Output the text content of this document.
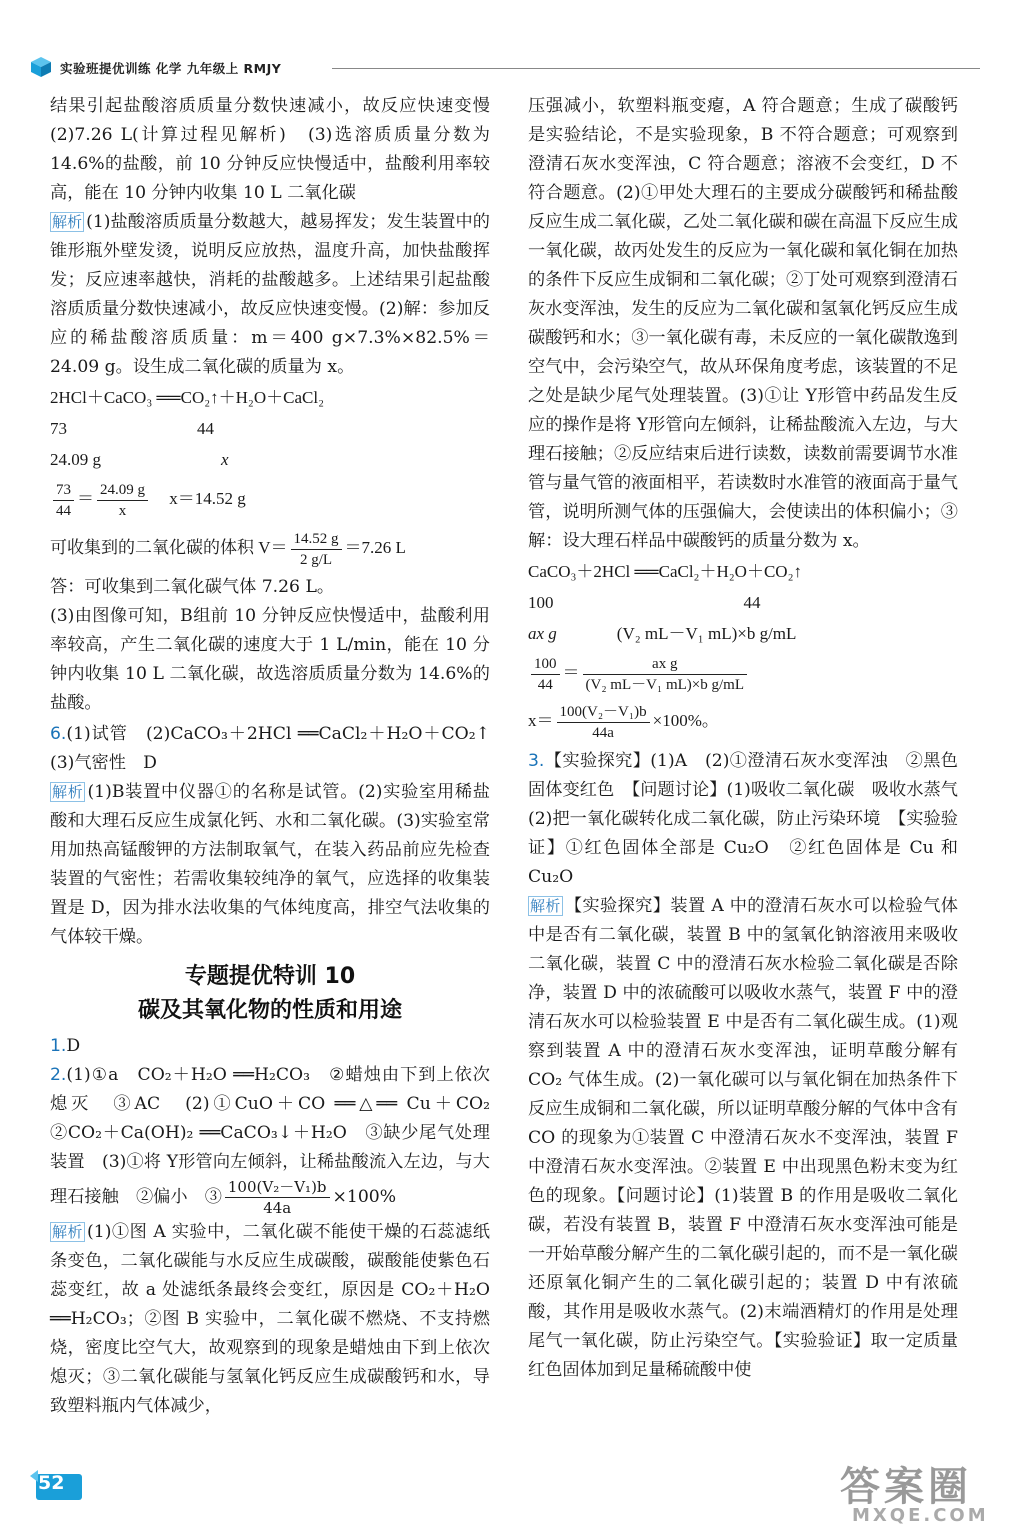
实验班提优训练 化学 九年级上 RMJY

结果引起盐酸溶质质量分数快速减小，故反应快速变慢　(2)7.26 L(计算过程见解析)　(3)选溶质质量分数为 14.6%的盐酸，前 10 分钟反应快慢适中，盐酸利用率较高，能在 10 分钟内收集 10 L 二氧化碳

解析 (1)盐酸溶质质量分数越大，越易挥发；发生装置中的锥形瓶外壁发烫，说明反应放热，温度升高，加快盐酸挥发；反应速率越快，消耗的盐酸越多。上述结果引起盐酸溶质质量分数快速减小，故反应快速变慢。(2)解：参加反应的稀盐酸溶质质量：m＝400 g×7.3%×82.5%＝24.09 g。设生成二氧化碳的质量为 x。

2HCl＋CaCO₃ ══CO₂↑＋H₂O＋CaCl₂

73	44

24.09 g	x

$\frac{73}{44} = \frac{24.09 g}{x} x=14.52$ g

可收集到的二氧化碳的体积 $V= \frac{14.52 g}{2 g/L} =7.26$ L

答：可收集到二氧化碳气体 7.26 L。

(3)由图像可知，B组前 10 分钟反应快慢适中，盐酸利用率较高，产生二氧化碳的速度大于 1 L/min，能在 10 分钟内收集 10 L 二氧化碳，故选溶质质量分数为 14.6%的盐酸。

6.(1)试管　(2)CaCO₃＋2HCl ══CaCl₂＋H₂O＋CO₂↑　(3)气密性　D

解析 (1)B装置中仪器①的名称是试管。(2)实验室用稀盐酸和大理石反应生成氯化钙、水和二氧化碳。(3)实验室常用加热高锰酸钾的方法制取氧气，在装入药品前应先检查装置的气密性；若需收集较纯净的氧气，应选择的收集装置是 D，因为排水法收集的气体纯度高，排空气法收集的气体较干燥。

专题提优特训 10
碳及其氧化物的性质和用途

1.D

2.(1)①a　CO₂＋H₂O ══H₂CO₃　②蜡烛由下到上依次熄灭　③AC　(2)①CuO＋CO ══△══ Cu＋CO₂　②CO₂＋Ca(OH)₂ ══CaCO₃↓＋H₂O　③缺少尾气处理装置　(3)①将 Y形管向左倾斜，让稀盐酸流入左边，与大理石接触　②偏小　③ $\frac{\text{100(V₂－V₁)b}}{44a} \times 100\%$

解析 (1)①图 A 实验中，二氧化碳不能使干燥的石蕊滤纸条变色，二氧化碳能与水反应生成碳酸，碳酸能使紫色石蕊变红，故 a 处滤纸条最终会变红，原因是 CO₂＋H₂O ══H₂CO₃；②图 B 实验中，二氧化碳不燃烧、不支持燃烧，密度比空气大，故观察到的现象是蜡烛由下到上依次熄灭；③二氧化碳能与氢氧化钙反应生成碳酸钙和水，导致塑料瓶内气体减少，

压强减小，软塑料瓶变瘪，A 符合题意；生成了碳酸钙是实验结论，不是实验现象，B 不符合题意；可观察到澄清石灰水变浑浊，C 符合题意；溶液不会变红，D 不符合题意。(2)①甲处大理石的主要成分碳酸钙和稀盐酸反应生成二氧化碳，乙处二氧化碳和碳在高温下反应生成一氧化碳，故丙处发生的反应为一氧化碳和氧化铜在加热的条件下反应生成铜和二氧化碳；②丁处可观察到澄清石灰水变浑浊，发生的反应为二氧化碳和氢氧化钙反应生成碳酸钙和水；③一氧化碳有毒，未反应的一氧化碳散逸到空气中，会污染空气，故从环保角度考虑，该装置的不足之处是缺少尾气处理装置。(3)①让 Y形管中药品发生反应的操作是将 Y形管向左倾斜，让稀盐酸流入左边，与大理石接触；②反应结束后进行读数，读数前需要调节水准管与量气管的液面相平，若读数时水准管的液面高于量气管，说明所测气体的压强偏大，会使读出的体积偏小；③解：设大理石样品中碳酸钙的质量分数为 x。

CaCO₃＋2HCl ══CaCl₂＋H₂O＋CO₂↑

100	44

ax g	(V₂ mL－V₁ mL)×b g/mL

$\frac{100}{44} = \frac{\text{ax g}}{\text{(V₂ mL－V₁ mL)×b g/mL}}$

$x= \frac{\text{100(V₂－V₁)b}}{44a} \times 100\%$。

3.【实验探究】(1)A　(2)①澄清石灰水变浑浊　②黑色固体变红色　【问题讨论】(1)吸收二氧化碳　吸收水蒸气　(2)把一氧化碳转化成二氧化碳，防止污染环境　【实验验证】①红色固体全部是 Cu₂O　②红色固体是 Cu 和 Cu₂O

解析 【实验探究】装置 A 中的澄清石灰水可以检验气体中是否有二氧化碳，装置 B 中的氢氧化钠溶液用来吸收二氧化碳，装置 C 中的澄清石灰水检验二氧化碳是否除净，装置 D 中的浓硫酸可以吸收水蒸气，装置 F 中的澄清石灰水可以检验装置 E 中是否有二氧化碳生成。(1)观察到装置 A 中的澄清石灰水变浑浊，证明草酸分解有 CO₂ 气体生成。(2)一氧化碳可以与氧化铜在加热条件下反应生成铜和二氧化碳，所以证明草酸分解的气体中含有 CO 的现象为①装置 C 中澄清石灰水不变浑浊，装置 F 中澄清石灰水变浑浊。②装置 E 中出现黑色粉末变为红色的现象。【问题讨论】(1)装置 B 的作用是吸收二氧化碳，若没有装置 B，装置 F 中澄清石灰水变浑浊可能是一开始草酸分解产生的二氧化碳引起的，而不是一氧化碳还原氧化铜产生的二氧化碳引起的；装置 D 中有浓硫酸，其作用是吸收水蒸气。(2)末端酒精灯的作用是处理尾气一氧化碳，防止污染空气。【实验验证】取一定质量红色固体加到足量稀硫酸中使

52	答案圈
MXQE.COM
